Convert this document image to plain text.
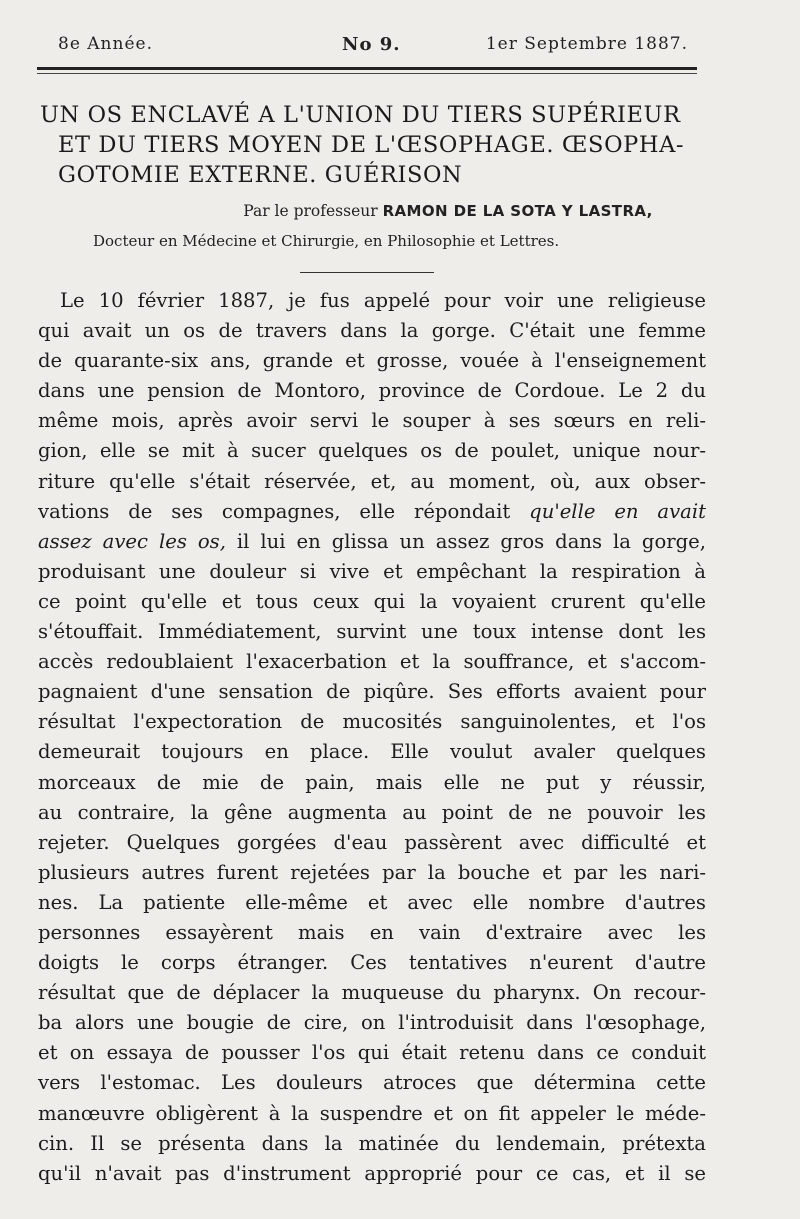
8e Année.	No 9.	1er Septembre 1887.
UN OS ENCLAVÉ A L'UNION DU TIERS SUPÉRIEUR
ET DU TIERS MOYEN DE L'ŒSOPHAGE. ŒSOPHA-
GOTOMIE EXTERNE. GUÉRISON
Par le professeur RAMON DE LA SOTA Y LASTRA,
Docteur en Médecine et Chirurgie, en Philosophie et Lettres.
Le 10 février 1887, je fus appelé pour voir une religieuse
qui avait un os de travers dans la gorge. C'était une femme
de quarante-six ans, grande et grosse, vouée à l'enseignement
dans une pension de Montoro, province de Cordoue. Le 2 du
même mois, après avoir servi le souper à ses sœurs en reli-
gion, elle se mit à sucer quelques os de poulet, unique nour-
riture qu'elle s'était réservée, et, au moment, où, aux obser-
vations de ses compagnes, elle répondait qu'elle en avait
assez avec les os, il lui en glissa un assez gros dans la gorge,
produisant une douleur si vive et empêchant la respiration à
ce point qu'elle et tous ceux qui la voyaient crurent qu'elle
s'étouffait. Immédiatement, survint une toux intense dont les
accès redoublaient l'exacerbation et la souffrance, et s'accom-
pagnaient d'une sensation de piqûre. Ses efforts avaient pour
résultat l'expectoration de mucosités sanguinolentes, et l'os
demeurait toujours en place. Elle voulut avaler quelques
morceaux de mie de pain, mais elle ne put y réussir,
au contraire, la gêne augmenta au point de ne pouvoir les
rejeter. Quelques gorgées d'eau passèrent avec difficulté et
plusieurs autres furent rejetées par la bouche et par les nari-
nes. La patiente elle-même et avec elle nombre d'autres
personnes essayèrent mais en vain d'extraire avec les
doigts le corps étranger. Ces tentatives n'eurent d'autre
résultat que de déplacer la muqueuse du pharynx. On recour-
ba alors une bougie de cire, on l'introduisit dans l'œsophage,
et on essaya de pousser l'os qui était retenu dans ce conduit
vers l'estomac. Les douleurs atroces que détermina cette
manœuvre obligèrent à la suspendre et on fit appeler le méde-
cin. Il se présenta dans la matinée du lendemain, prétexta
qu'il n'avait pas d'instrument approprié pour ce cas, et il se
